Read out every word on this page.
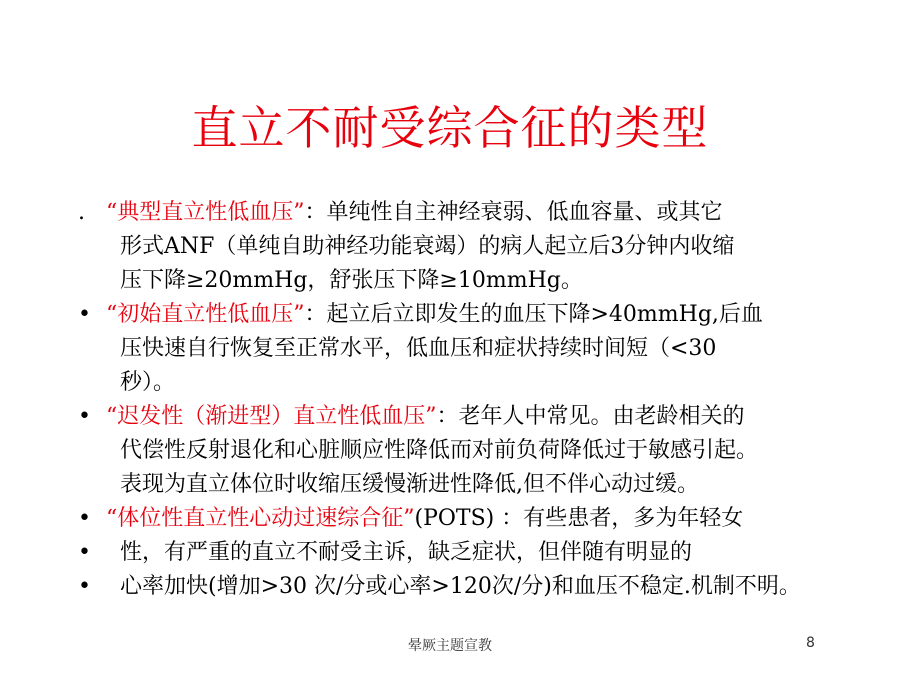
直立不耐受综合征的类型
. “典型直立性低血压”：单纯性自主神经衰弱、低血容量、或其它
形式ANF（单纯自助神经功能衰竭）的病人起立后3分钟内收缩
压下降≥20mmHg，舒张压下降≥10mmHg。
• “初始直立性低血压”：起立后立即发生的血压下降>40mmHg,后血
压快速自行恢复至正常水平，低血压和症状持续时间短（<30
秒）。
• “迟发性（渐进型）直立性低血压”：老年人中常见。由老龄相关的
代偿性反射退化和心脏顺应性降低而对前负荷降低过于敏感引起。
表现为直立体位时收缩压缓慢渐进性降低,但不伴心动过缓。
• “体位性直立性心动过速综合征”(POTS) ：有些患者，多为年轻女
•	性，有严重的直立不耐受主诉，缺乏症状，但伴随有明显的
•	心率加快(增加>30 次/分或心率>120次/分)和血压不稳定.机制不明。
晕厥主题宣教	8
